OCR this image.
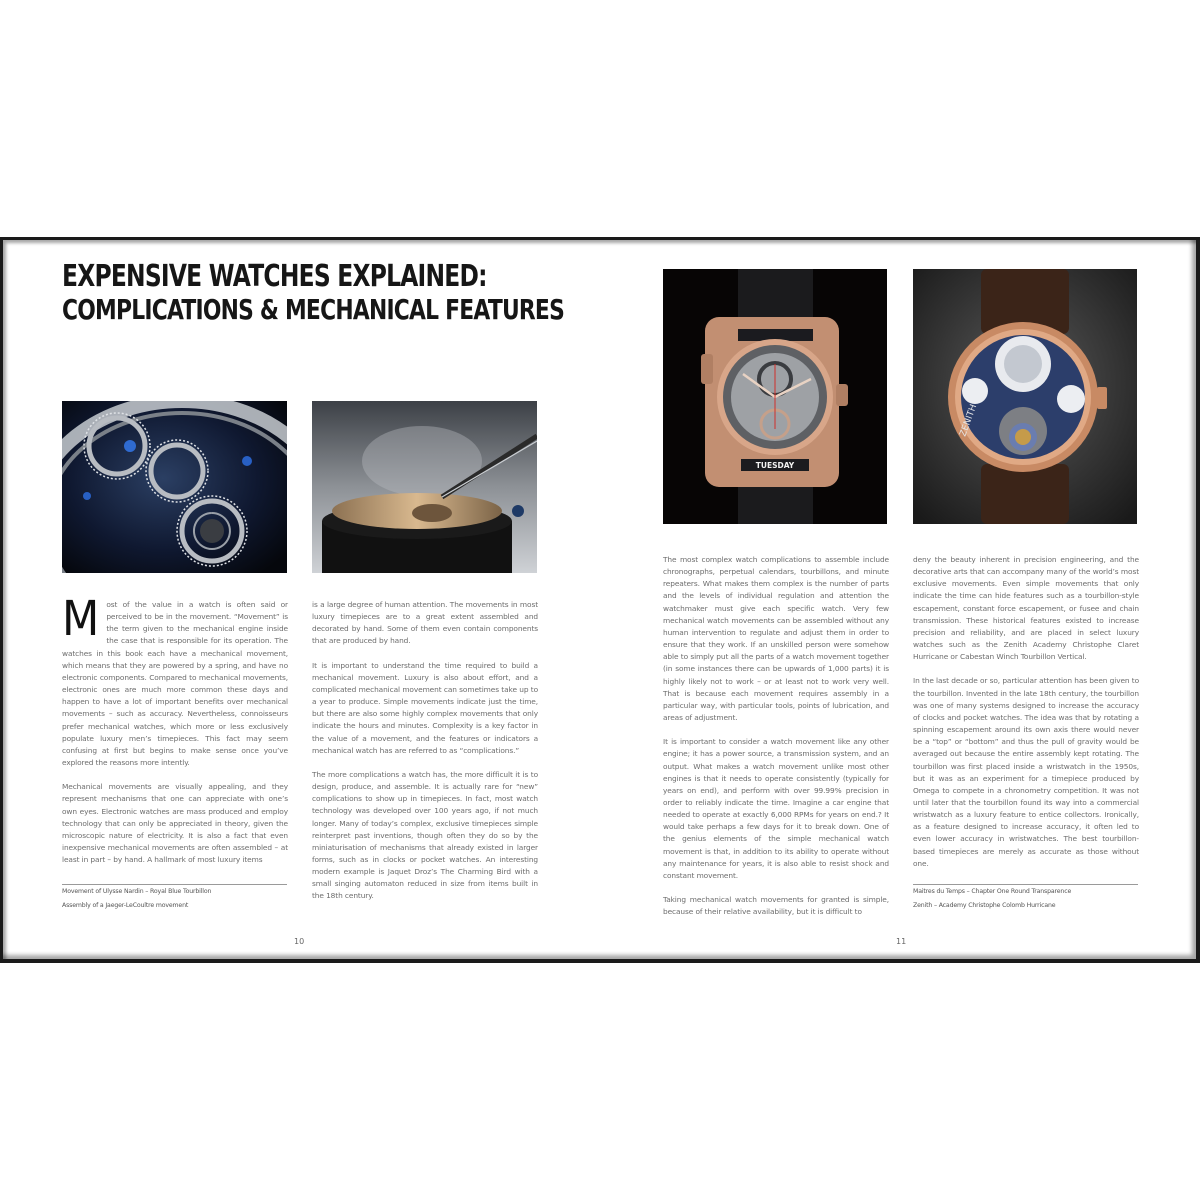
EXPENSIVE WATCHES EXPLAINED:
COMPLICATIONS & MECHANICAL FEATURES
TUESDAY
ZENITH

Most of the value in a watch is often said or perceived to be in the movement. “Movement” is the term given to the mechanical engine inside the case that is responsible for its operation. The watches in this book each have a mechanical movement, which means that they are powered by a spring, and have no electronic components. Compared to mechanical movements, electronic ones are much more common these days and happen to have a lot of important benefits over mechanical movements – such as accuracy. Nevertheless, connoisseurs prefer mechanical watches, which more or less exclusively populate luxury men’s timepieces. This fact may seem confusing at first but begins to make sense once you’ve explored the reasons more intently.

Mechanical movements are visually appealing, and they represent mechanisms that one can appreciate with one’s own eyes. Electronic watches are mass produced and employ technology that can only be appreciated in theory, given the microscopic nature of electricity. It is also a fact that even inexpensive mechanical movements are often assembled – at least in part – by hand. A hallmark of most luxury items

is a large degree of human attention. The movements in most luxury timepieces are to a great extent assembled and decorated by hand. Some of them even contain components that are produced by hand.

It is important to understand the time required to build a mechanical movement. Luxury is also about effort, and a complicated mechanical movement can sometimes take up to a year to produce. Simple movements indicate just the time, but there are also some highly complex movements that only indicate the hours and minutes. Complexity is a key factor in the value of a movement, and the features or indicators a mechanical watch has are referred to as “complications.”

The more complications a watch has, the more difficult it is to design, produce, and assemble. It is actually rare for “new” complications to show up in timepieces. In fact, most watch technology was developed over 100 years ago, if not much longer. Many of today’s complex, exclusive timepieces simple reinterpret past inventions, though often they do so by the miniaturisation of mechanisms that already existed in larger forms, such as in clocks or pocket watches. An interesting modern example is Jaquet Droz’s The Charming Bird with a small singing automaton reduced in size from items built in the 18th century.

Movement of Ulysse Nardin – Royal Blue Tourbillon
Assembly of a Jaeger-LeCoultre movement
10

The most complex watch complications to assemble include chronographs, perpetual calendars, tourbillons, and minute repeaters. What makes them complex is the number of parts and the levels of individual regulation and attention the watchmaker must give each specific watch. Very few mechanical watch movements can be assembled without any human intervention to regulate and adjust them in order to ensure that they work. If an unskilled person were somehow able to simply put all the parts of a watch movement together (in some instances there can be upwards of 1,000 parts) it is highly likely not to work – or at least not to work very well. That is because each movement requires assembly in a particular way, with particular tools, points of lubrication, and areas of adjustment.

It is important to consider a watch movement like any other engine; it has a power source, a transmission system, and an output. What makes a watch movement unlike most other engines is that it needs to operate consistently (typically for years on end), and perform with over 99.99% precision in order to reliably indicate the time. Imagine a car engine that needed to operate at exactly 6,000 RPMs for years on end.? It would take perhaps a few days for it to break down. One of the genius elements of the simple mechanical watch movement is that, in addition to its ability to operate without any maintenance for years, it is also able to resist shock and constant movement.

Taking mechanical watch movements for granted is simple, because of their relative availability, but it is difficult to

deny the beauty inherent in precision engineering, and the decorative arts that can accompany many of the world’s most exclusive movements. Even simple movements that only indicate the time can hide features such as a tourbillon-style escapement, constant force escapement, or fusee and chain transmission. These historical features existed to increase precision and reliability, and are placed in select luxury watches such as the Zenith Academy Christophe Claret Hurricane or Cabestan Winch Tourbillon Vertical.

In the last decade or so, particular attention has been given to the tourbillon. Invented in the late 18th century, the tourbillon was one of many systems designed to increase the accuracy of clocks and pocket watches. The idea was that by rotating a spinning escapement around its own axis there would never be a “top” or “bottom” and thus the pull of gravity would be averaged out because the entire assembly kept rotating. The tourbillon was first placed inside a wristwatch in the 1950s, but it was as an experiment for a timepiece produced by Omega to compete in a chronometry competition. It was not until later that the tourbillon found its way into a commercial wristwatch as a luxury feature to entice collectors. Ironically, as a feature designed to increase accuracy, it often led to even lower accuracy in wristwatches. The best tourbillon-based timepieces are merely as accurate as those without one.

Maitres du Temps – Chapter One Round Transparence
Zenith – Academy Christophe Colomb Hurricane
11
